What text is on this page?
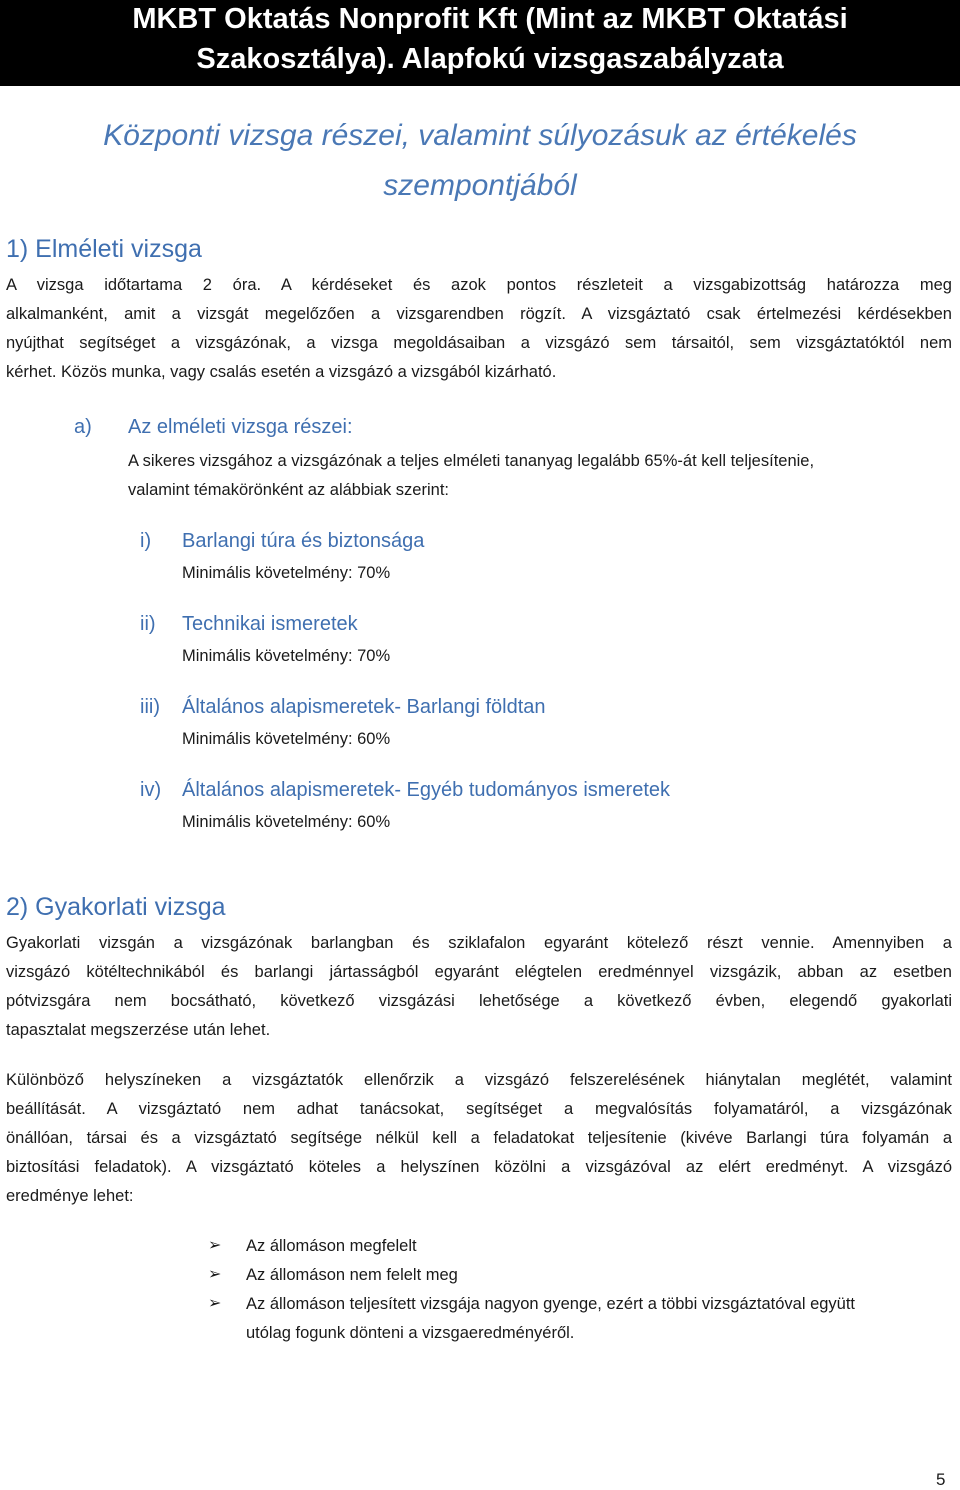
MKBT Oktatás Nonprofit Kft (Mint az MKBT Oktatási
Szakosztálya). Alapfokú vizsgaszabályzata
Központi vizsga részei, valamint súlyozásuk az értékelés
szempontjából
1) Elméleti vizsga
A vizsga időtartama 2 óra. A kérdéseket és azok pontos részleteit a vizsgabizottság határozza meg
alkalmanként, amit a vizsgát megelőzően a vizsgarendben rögzít. A vizsgáztató csak értelmezési kérdésekben
nyújthat segítséget a vizsgázónak, a vizsga megoldásaiban a vizsgázó sem társaitól, sem vizsgáztatóktól nem
kérhet. Közös munka, vagy csalás esetén a vizsgázó a vizsgából kizárható.
a) Az elméleti vizsga részei:
A sikeres vizsgához a vizsgázónak a teljes elméleti tananyag legalább 65%-át kell teljesítenie,
valamint témakörönként az alábbiak szerint:
i) Barlangi túra és biztonsága
Minimális követelmény: 70%
ii) Technikai ismeretek
Minimális követelmény: 70%
iii) Általános alapismeretek- Barlangi földtan
Minimális követelmény: 60%
iv) Általános alapismeretek- Egyéb tudományos ismeretek
Minimális követelmény: 60%
2) Gyakorlati vizsga
Gyakorlati vizsgán a vizsgázónak barlangban és sziklafalon egyaránt kötelező részt vennie. Amennyiben a
vizsgázó kötéltechnikából és barlangi jártasságból egyaránt elégtelen eredménnyel vizsgázik, abban az esetben
pótvizsgára nem bocsátható, következő vizsgázási lehetősége a következő évben, elegendő gyakorlati
tapasztalat megszerzése után lehet.
Különböző helyszíneken a vizsgáztatók ellenőrzik a vizsgázó felszerelésének hiánytalan meglétét, valamint
beállítását. A vizsgáztató nem adhat tanácsokat, segítséget a megvalósítás folyamatáról, a vizsgázónak
önállóan, társai és a vizsgáztató segítsége nélkül kell a feladatokat teljesítenie (kivéve Barlangi túra folyamán a
biztosítási feladatok). A vizsgáztató köteles a helyszínen közölni a vizsgázóval az elért eredményt. A vizsgázó
eredménye lehet:
➢ Az állomáson megfelelt
➢ Az állomáson nem felelt meg
➢ Az állomáson teljesített vizsgája nagyon gyenge, ezért a többi vizsgáztatóval együtt
utólag fogunk dönteni a vizsgaeredményéről.
5
